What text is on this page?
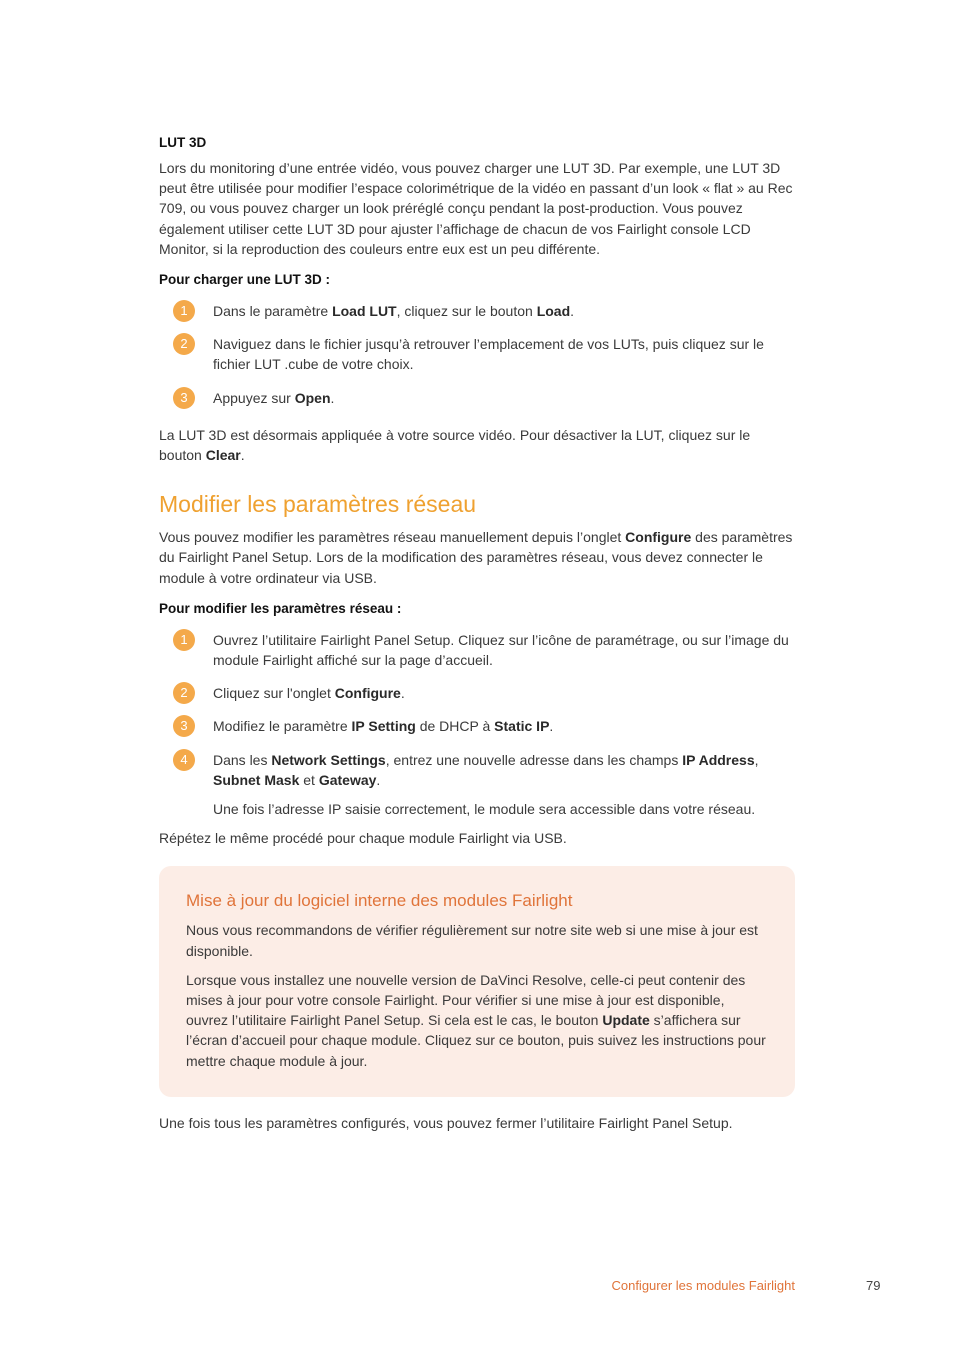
LUT 3D

Lors du monitoring d’une entrée vidéo, vous pouvez charger une LUT 3D. Par exemple, une LUT 3D peut être utilisée pour modifier l’espace colorimétrique de la vidéo en passant d’un look « flat » au Rec 709, ou vous pouvez charger un look préréglé conçu pendant la post-production. Vous pouvez également utiliser cette LUT 3D pour ajuster l’affichage de chacun de vos Fairlight console LCD Monitor, si la reproduction des couleurs entre eux est un peu différente.

Pour charger une LUT 3D :
1	Dans le paramètre Load LUT, cliquez sur le bouton Load.

2	Naviguez dans le fichier jusqu’à retrouver l’emplacement de vos LUTs, puis cliquez sur le fichier LUT .cube de votre choix.

3	Appuyez sur Open.

La LUT 3D est désormais appliquée à votre source vidéo. Pour désactiver la LUT, cliquez sur le bouton Clear.

Modifier les paramètres réseau

Vous pouvez modifier les paramètres réseau manuellement depuis l’onglet Configure des paramètres du Fairlight Panel Setup. Lors de la modification des paramètres réseau, vous devez connecter le module à votre ordinateur via USB.

Pour modifier les paramètres réseau :
1	Ouvrez l’utilitaire Fairlight Panel Setup. Cliquez sur l’icône de paramétrage, ou sur l’image du module Fairlight affiché sur la page d’accueil.

2	Cliquez sur l'onglet Configure.

3	Modifiez le paramètre IP Setting de DHCP à Static IP.

4	Dans les Network Settings, entrez une nouvelle adresse dans les champs IP Address, Subnet Mask et Gateway.

Une fois l’adresse IP saisie correctement, le module sera accessible dans votre réseau.

Répétez le même procédé pour chaque module Fairlight via USB.

Mise à jour du logiciel interne des modules Fairlight

Nous vous recommandons de vérifier régulièrement sur notre site web si une mise à jour est disponible.

Lorsque vous installez une nouvelle version de DaVinci Resolve, celle-ci peut contenir des mises à jour pour votre console Fairlight. Pour vérifier si une mise à jour est disponible, ouvrez l’utilitaire Fairlight Panel Setup. Si cela est le cas, le bouton Update s’affichera sur l’écran d’accueil pour chaque module. Cliquez sur ce bouton, puis suivez les instructions pour mettre chaque module à jour.

Une fois tous les paramètres configurés, vous pouvez fermer l’utilitaire Fairlight Panel Setup.

Configurer les modules Fairlight	79
